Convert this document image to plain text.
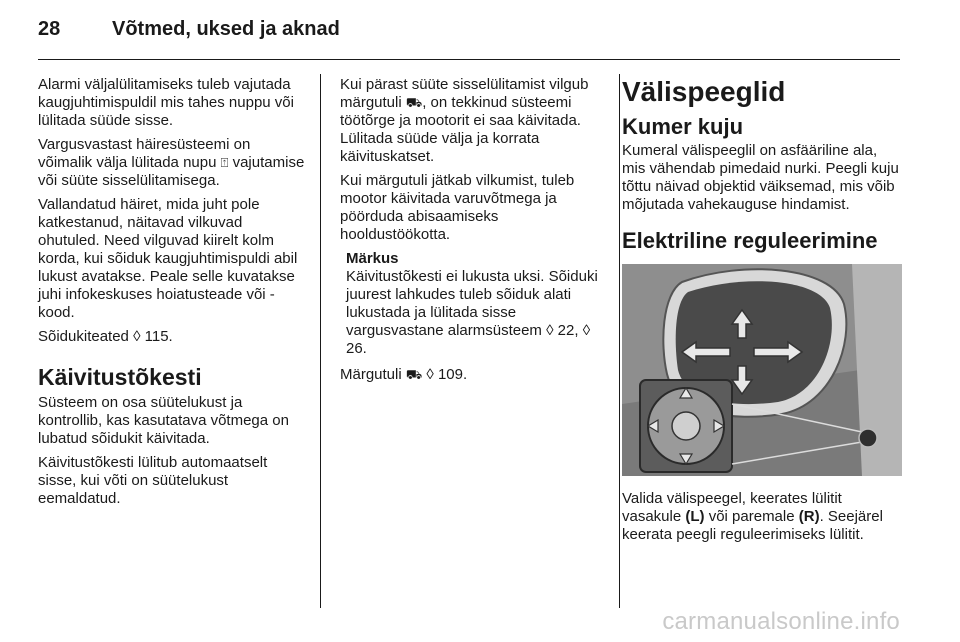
28	Võtmed, uksed ja aknad

Alarmi väljalülitamiseks tuleb vajutada kaugjuhtimispuldil mis tahes nuppu või lülitada süüde sisse.

Vargusvastast häiresüsteemi on võimalik välja lülitada nupu ⍐ vajutamise või süüte sisselülitamisega.

Vallandatud häiret, mida juht pole katkestanud, näitavad vilkuvad ohutuled. Need vilguvad kiirelt kolm korda, kui sõiduk kaugjuhtimispuldi abil lukust avatakse. Peale selle kuvatakse juhi infokeskuses hoiatusteade või -kood.

Sõidukiteated ◊ 115.

Käivitustõkesti

Süsteem on osa süütelukust ja kontrollib, kas kasutatava võtmega on lubatud sõidukit käivitada.

Käivitustõkesti lülitub automaatselt sisse, kui võti on süütelukust eemaldatud.

Kui pärast süüte sisselülitamist vilgub märgutuli ⛟, on tekkinud süsteemi töötõrge ja mootorit ei saa käivitada. Lülitada süüde välja ja korrata käivituskatset.

Kui märgutuli jätkab vilkumist, tuleb mootor käivitada varuvõtmega ja pöörduda abisaamiseks hooldustöökotta.

Märkus
Käivitustõkesti ei lukusta uksi. Sõiduki juurest lahkudes tuleb sõiduk alati lukustada ja lülitada sisse vargusvastane alarmsüsteem ◊ 22, ◊ 26.

Märgutuli ⛟ ◊ 109.

Välispeeglid
Kumer kuju

Kumeral välispeeglil on asfääriline ala, mis vähendab pimedaid nurki. Peegli kuju tõttu näivad objektid väiksemad, mis võib mõjutada vahekauguse hindamist.

Elektriline reguleerimine

Valida välispeegel, keerates lülitit vasakule (L) või paremale (R). Seejärel keerata peegli reguleerimiseks lülitit.

carmanualsonline.info
